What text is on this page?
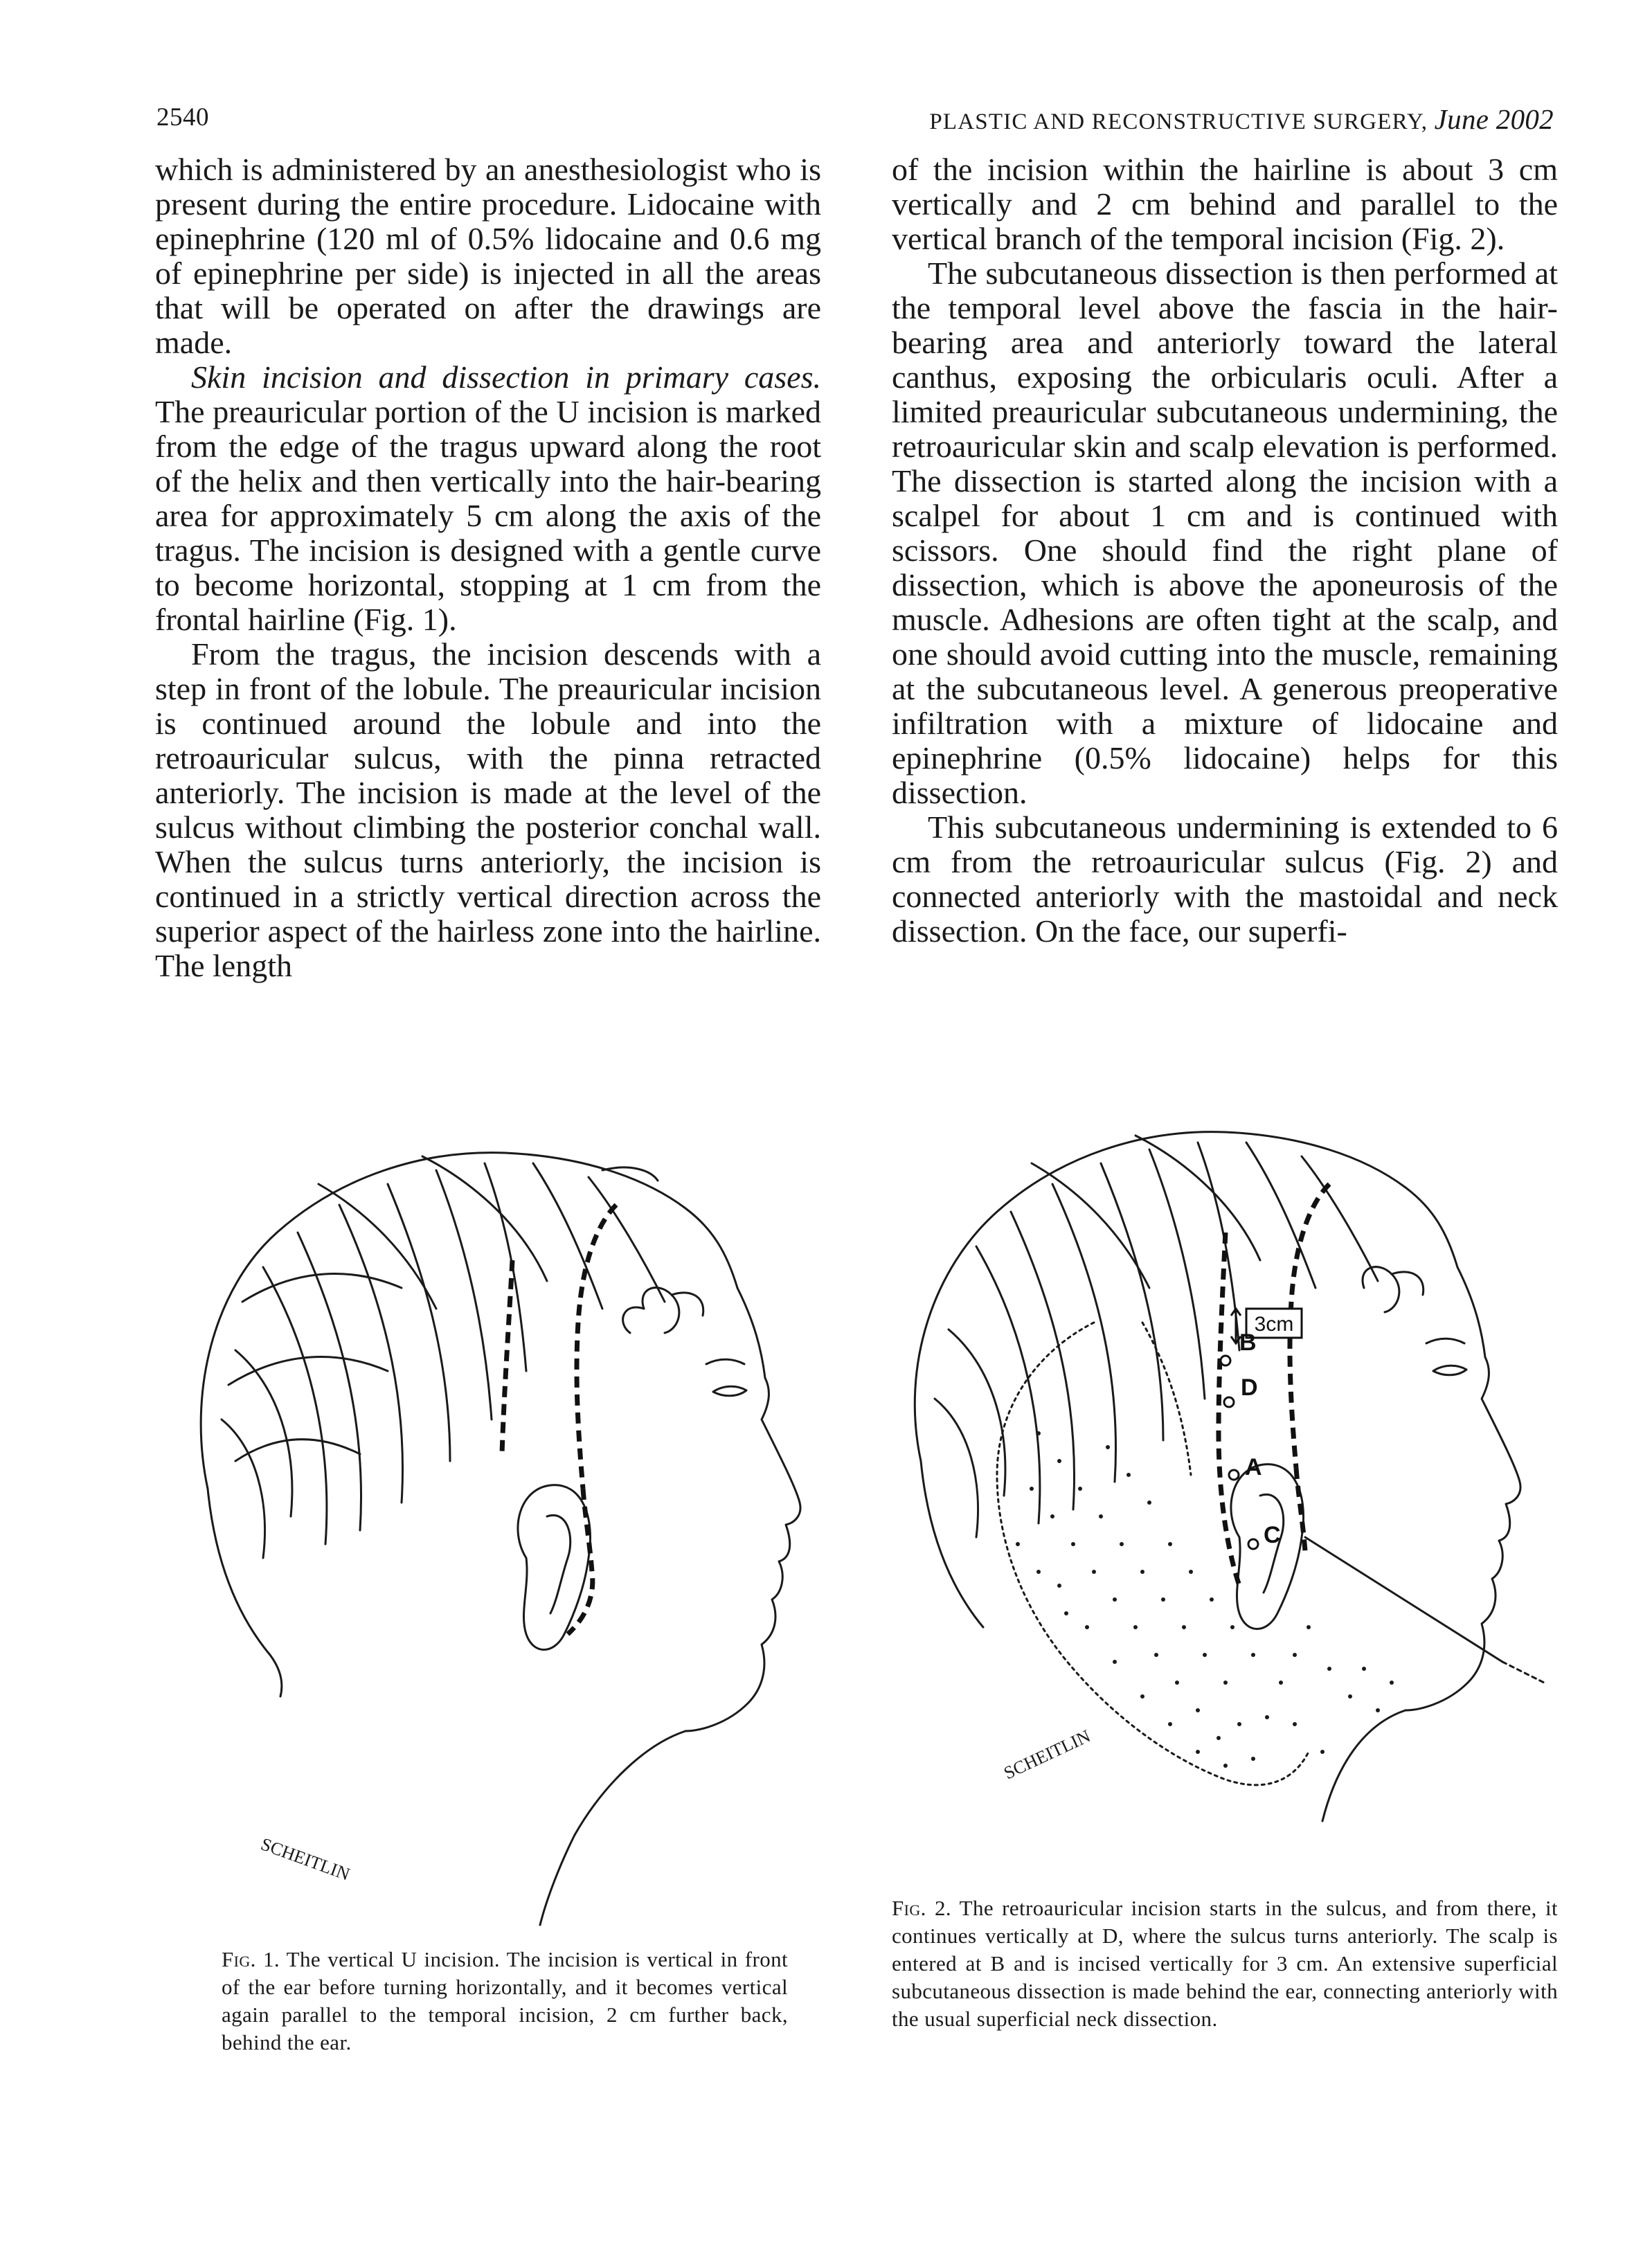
2540	PLASTIC AND RECONSTRUCTIVE SURGERY, June 2002

which is administered by an anesthesiologist who is present during the entire procedure. Lidocaine with epinephrine (120 ml of 0.5% lidocaine and 0.6 mg of epinephrine per side) is injected in all the areas that will be operated on after the drawings are made.

Skin incision and dissection in primary cases. The preauricular portion of the U incision is marked from the edge of the tragus upward along the root of the helix and then vertically into the hair-bearing area for approximately 5 cm along the axis of the tragus. The incision is designed with a gentle curve to become horizontal, stopping at 1 cm from the frontal hairline (Fig. 1).

From the tragus, the incision descends with a step in front of the lobule. The preauricular incision is continued around the lobule and into the retroauricular sulcus, with the pinna retracted anteriorly. The incision is made at the level of the sulcus without climbing the posterior conchal wall. When the sulcus turns anteriorly, the incision is continued in a strictly vertical direction across the superior aspect of the hairless zone into the hairline. The length

of the incision within the hairline is about 3 cm vertically and 2 cm behind and parallel to the vertical branch of the temporal incision (Fig. 2).

The subcutaneous dissection is then performed at the temporal level above the fascia in the hair-bearing area and anteriorly toward the lateral canthus, exposing the orbicularis oculi. After a limited preauricular subcutaneous undermining, the retroauricular skin and scalp elevation is performed. The dissection is started along the incision with a scalpel for about 1 cm and is continued with scissors. One should find the right plane of dissection, which is above the aponeurosis of the muscle. Adhesions are often tight at the scalp, and one should avoid cutting into the muscle, remaining at the subcutaneous level. A generous preoperative infiltration with a mixture of lidocaine and epinephrine (0.5% lidocaine) helps for this dissection.

This subcutaneous undermining is extended to 6 cm from the retroauricular sulcus (Fig. 2) and connected anteriorly with the mastoidal and neck dissection. On the face, our superfi-

SCHEITLIN
3cm
B
D
A
C
SCHEITLIN
Fig. 1. The vertical U incision. The incision is vertical in front of the ear before turning horizontally, and it becomes vertical again parallel to the temporal incision, 2 cm further back, behind the ear.
Fig. 2. The retroauricular incision starts in the sulcus, and from there, it continues vertically at D, where the sulcus turns anteriorly. The scalp is entered at B and is incised vertically for 3 cm. An extensive superficial subcutaneous dissection is made behind the ear, connecting anteriorly with the usual superficial neck dissection.
